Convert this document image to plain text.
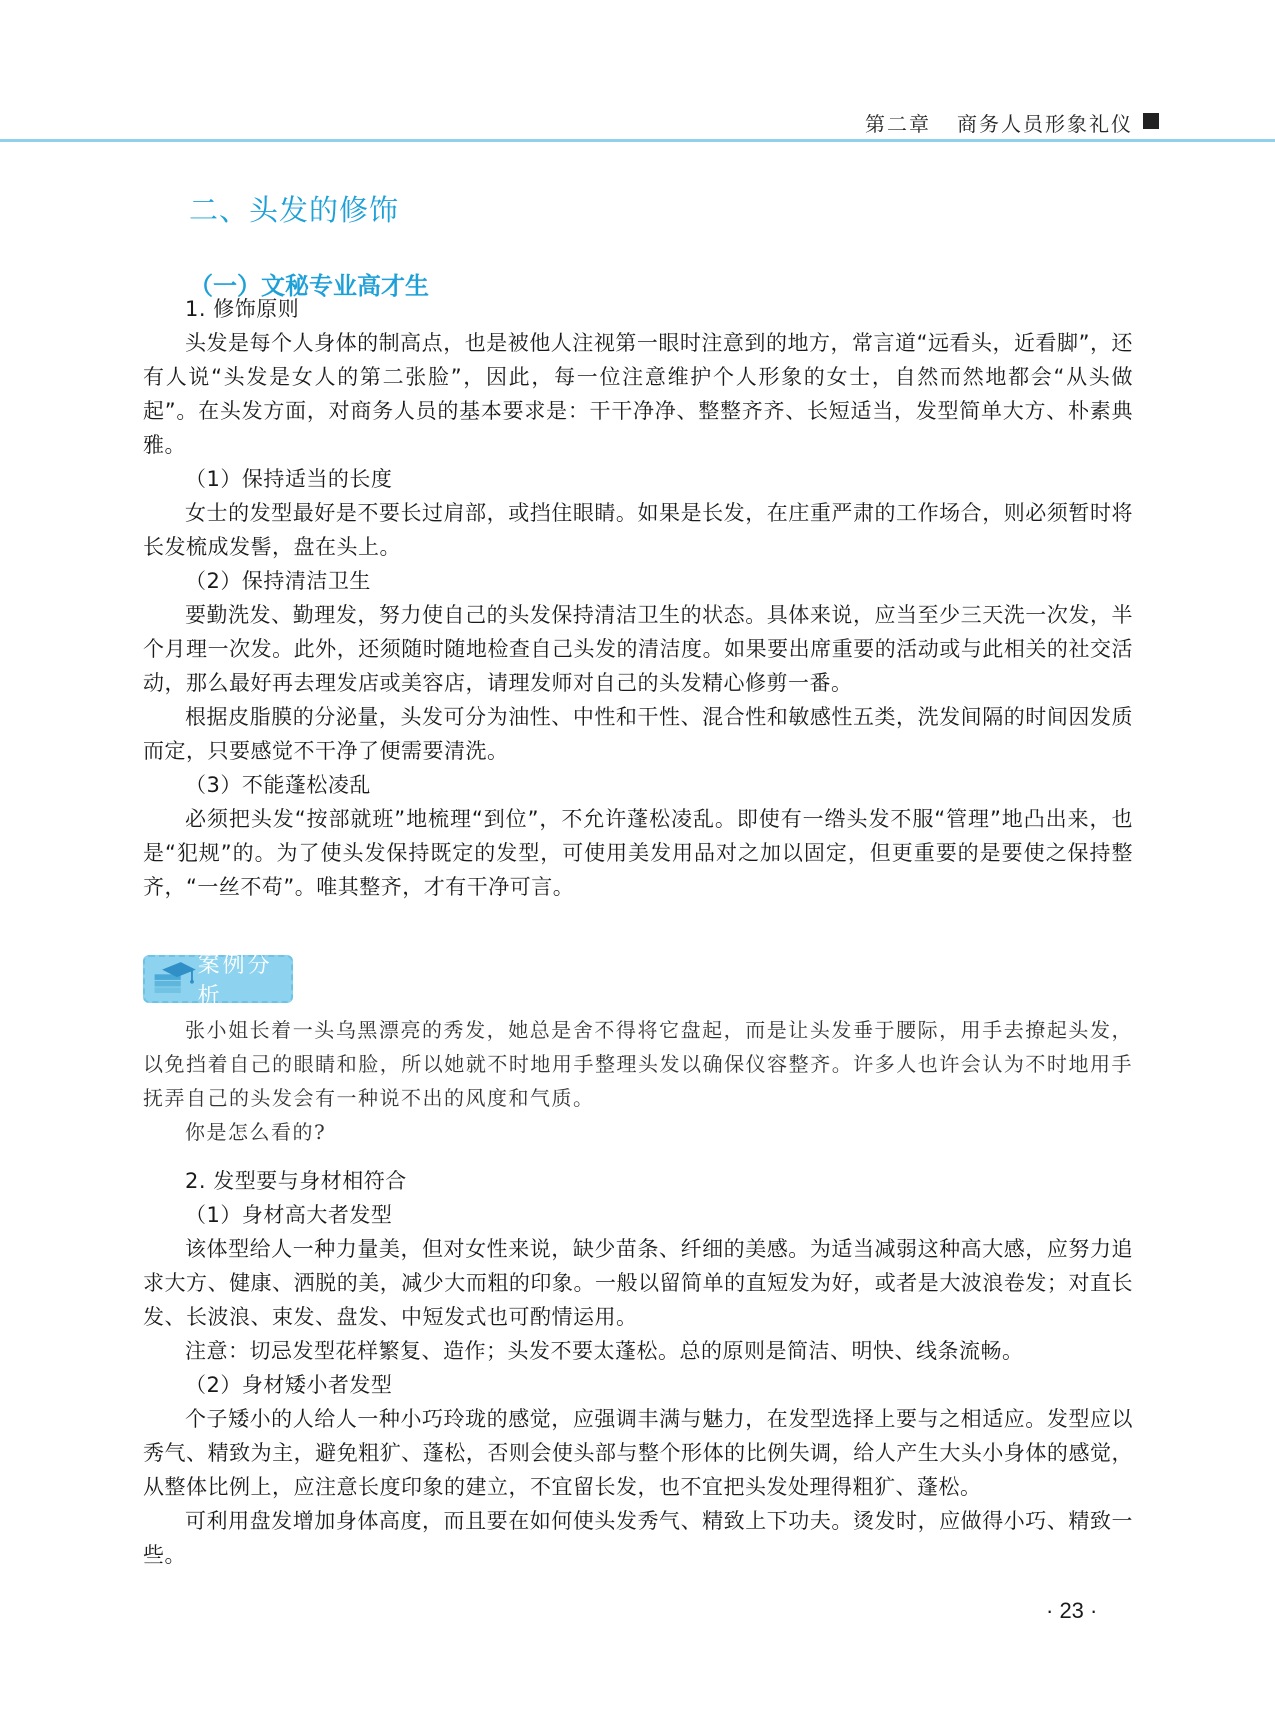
第二章 商务人员形象礼仪
二、头发的修饰
（一）文秘专业高才生

1. 修饰原则

头发是每个人身体的制高点，也是被他人注视第一眼时注意到的地方，常言道“远看头，近看脚”，还有人说“头发是女人的第二张脸”，因此，每一位注意维护个人形象的女士，自然而然地都会“从头做起”。在头发方面，对商务人员的基本要求是：干干净净、整整齐齐、长短适当，发型简单大方、朴素典雅。

（1）保持适当的长度

女士的发型最好是不要长过肩部，或挡住眼睛。如果是长发，在庄重严肃的工作场合，则必须暂时将长发梳成发髻，盘在头上。

（2）保持清洁卫生

要勤洗发、勤理发，努力使自己的头发保持清洁卫生的状态。具体来说，应当至少三天洗一次发，半个月理一次发。此外，还须随时随地检查自己头发的清洁度。如果要出席重要的活动或与此相关的社交活动，那么最好再去理发店或美容店，请理发师对自己的头发精心修剪一番。

根据皮脂膜的分泌量，头发可分为油性、中性和干性、混合性和敏感性五类，洗发间隔的时间因发质而定，只要感觉不干净了便需要清洗。

（3）不能蓬松凌乱

必须把头发“按部就班”地梳理“到位”，不允许蓬松凌乱。即使有一绺头发不服“管理”地凸出来，也是“犯规”的。为了使头发保持既定的发型，可使用美发用品对之加以固定，但更重要的是要使之保持整齐，“一丝不苟”。唯其整齐，才有干净可言。

案例分析

张小姐长着一头乌黑漂亮的秀发，她总是舍不得将它盘起，而是让头发垂于腰际，用手去撩起头发，以免挡着自己的眼睛和脸，所以她就不时地用手整理头发以确保仪容整齐。许多人也许会认为不时地用手抚弄自己的头发会有一种说不出的风度和气质。

你是怎么看的?

2. 发型要与身材相符合

（1）身材高大者发型

该体型给人一种力量美，但对女性来说，缺少苗条、纤细的美感。为适当减弱这种高大感，应努力追求大方、健康、洒脱的美，减少大而粗的印象。一般以留简单的直短发为好，或者是大波浪卷发；对直长发、长波浪、束发、盘发、中短发式也可酌情运用。

注意：切忌发型花样繁复、造作；头发不要太蓬松。总的原则是简洁、明快、线条流畅。

（2）身材矮小者发型

个子矮小的人给人一种小巧玲珑的感觉，应强调丰满与魅力，在发型选择上要与之相适应。发型应以秀气、精致为主，避免粗犷、蓬松，否则会使头部与整个形体的比例失调，给人产生大头小身体的感觉，从整体比例上，应注意长度印象的建立，不宜留长发，也不宜把头发处理得粗犷、蓬松。

可利用盘发增加身体高度，而且要在如何使头发秀气、精致上下功夫。烫发时，应做得小巧、精致一些。

· 23 ·
